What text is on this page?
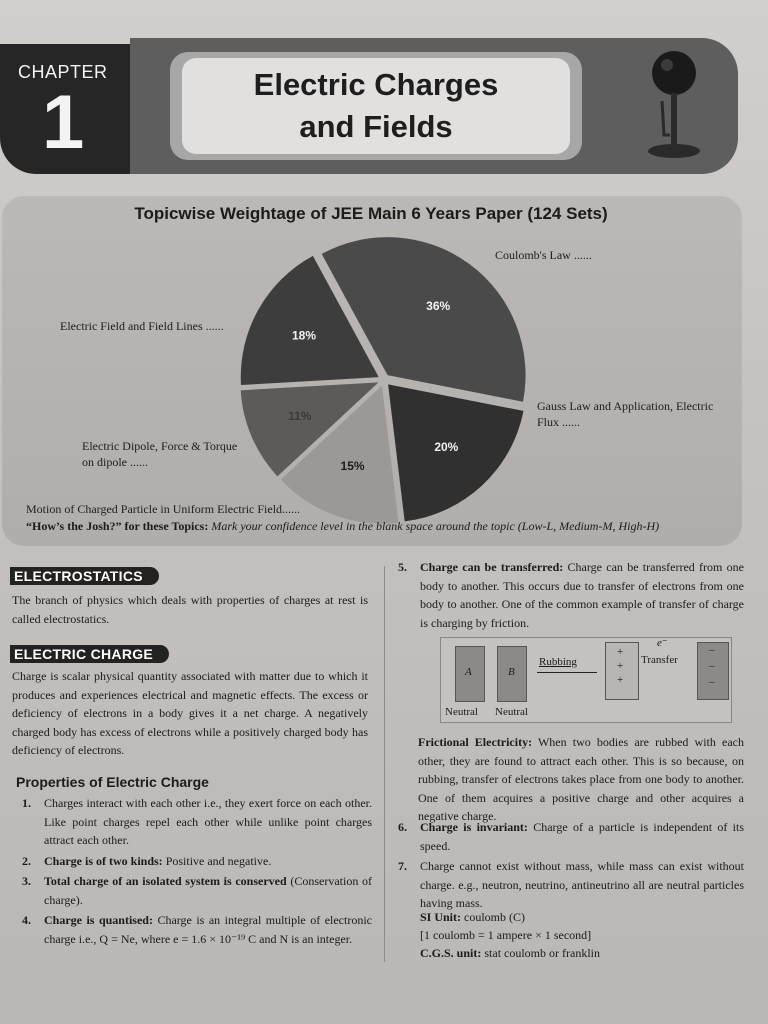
CHAPTER
1	Electric Charges
and Fields
Topicwise Weightage of JEE Main 6 Years Paper (124 Sets)
36%
20%
15%
11%
18%
Coulomb's Law ......
Gauss Law and Application, Electric Flux ......
Motion of Charged Particle in Uniform Electric Field......
Electric Dipole, Force & Torque on dipole ......
Electric Field and Field Lines ......
“How’s the Josh?” for these Topics: Mark your confidence level in the blank space around the topic (Low-L, Medium-M, High-H)
ELECTROSTATICS
The branch of physics which deals with properties of charges at rest is called electrostatics.
ELECTRIC CHARGE
Charge is scalar physical quantity associated with matter due to which it produces and experiences electrical and magnetic effects. The excess or deficiency of electrons in a body gives it a net charge. A negatively charged body has excess of electrons while a positively charged body has deficiency of electrons.
Properties of Electric Charge
1. Charges interact with each other i.e., they exert force on each other. Like point charges repel each other while unlike point charges attract each other.
2. Charge is of two kinds: Positive and negative.
3. Total charge of an isolated system is conserved (Conservation of charge).
4. Charge is quantised: Charge is an integral multiple of electronic charge i.e., Q = Ne, where e = 1.6 × 10⁻¹⁹ C and N is an integer.
5. Charge can be transferred: Charge can be transferred from one body to another. This occurs due to transfer of electrons from one body to another. One of the common example of transfer of charge is charging by friction.
A	B
Rubbing
+
+
+
e⁻
Transfer
–
–
–
Neutral Neutral
Frictional Electricity: When two bodies are rubbed with each other, they are found to attract each other. This is so because, on rubbing, transfer of electrons takes place from one body to another. One of them acquires a positive charge and other acquires a negative charge.
6. Charge is invariant: Charge of a particle is independent of its speed.
7. Charge cannot exist without mass, while mass can exist without charge. e.g., neutron, neutrino, antineutrino all are neutral particles having mass.
SI Unit: coulomb (C)
[1 coulomb = 1 ampere × 1 second]
C.G.S. unit: stat coulomb or franklin
